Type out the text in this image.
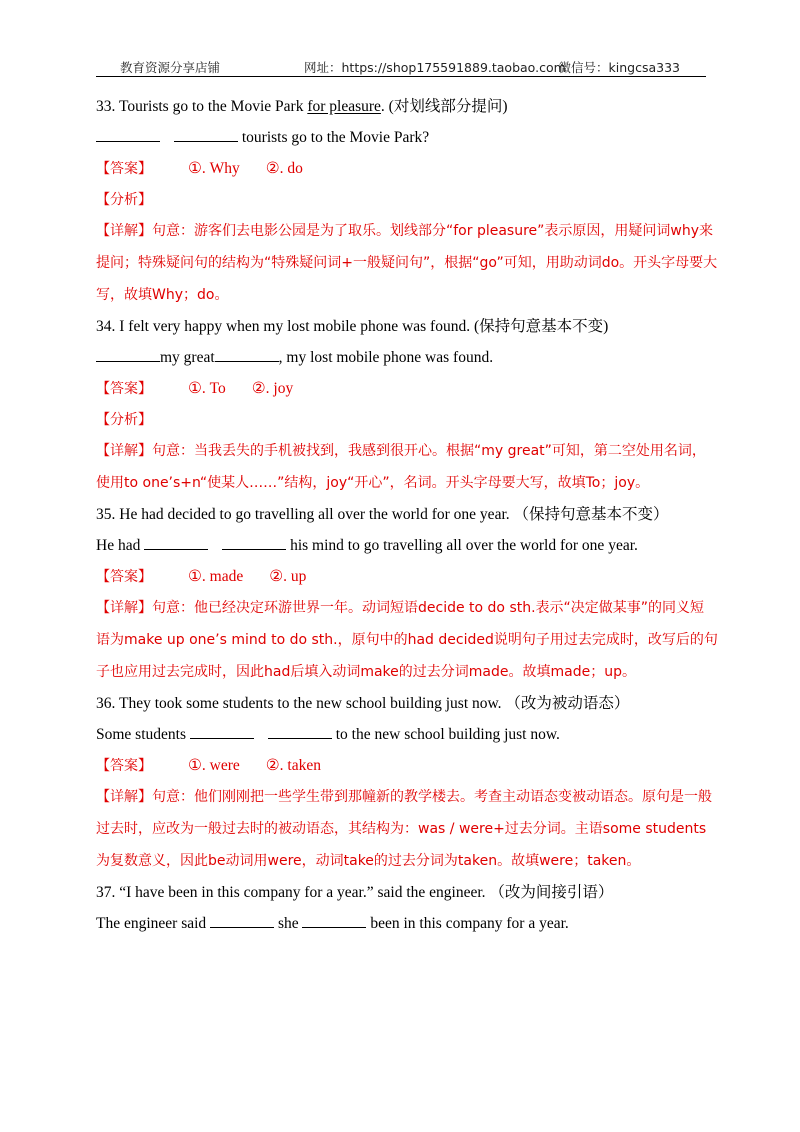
教育资源分享店铺	网址：https://shop175591889.taobao.com
微信号：kingcsa333
33. Tourists go to the Movie Park for pleasure. (对划线部分提问)
tourists go to the Movie Park?
【答案】 ①. Why ②. do
【分析】
【详解】句意：游客们去电影公园是为了取乐。划线部分“for pleasure”表示原因，用疑问词why来提问；特殊疑问句的结构为“特殊疑问词+一般疑问句”，根据“go”可知，用助动词do。开头字母要大写，故填Why；do。
34. I felt very happy when my lost mobile phone was found. (保持句意基本不变)
my great	, my lost mobile phone was found.
【答案】 ①. To ②. joy
【分析】
【详解】句意：当我丢失的手机被找到，我感到很开心。根据“my great”可知，第二空处用名词，使用to one’s+n“使某人……”结构，joy“开心”，名词。开头字母要大写，故填To；joy。
35. He had decided to go travelling all over the world for one year. （保持句意基本不变）
He had	his mind to go travelling all over the world for one year.
【答案】 ①. made ②. up
【详解】句意：他已经决定环游世界一年。动词短语decide to do sth.表示“决定做某事”的同义短语为make up one’s mind to do sth.，原句中的had decided说明句子用过去完成时，改写后的句子也应用过去完成时，因此had后填入动词make的过去分词made。故填made；up。
36. They took some students to the new school building just now. （改为被动语态）
Some students	to the new school building just now.
【答案】 ①. were ②. taken
【详解】句意：他们刚刚把一些学生带到那幢新的教学楼去。考查主动语态变被动语态。原句是一般过去时，应改为一般过去时的被动语态，其结构为：was / were+过去分词。主语some students为复数意义，因此be动词用were，动词take的过去分词为taken。故填were；taken。
37. “I have been in this company for a year.” said the engineer. （改为间接引语）
The engineer said	she	been in this company for a year.
